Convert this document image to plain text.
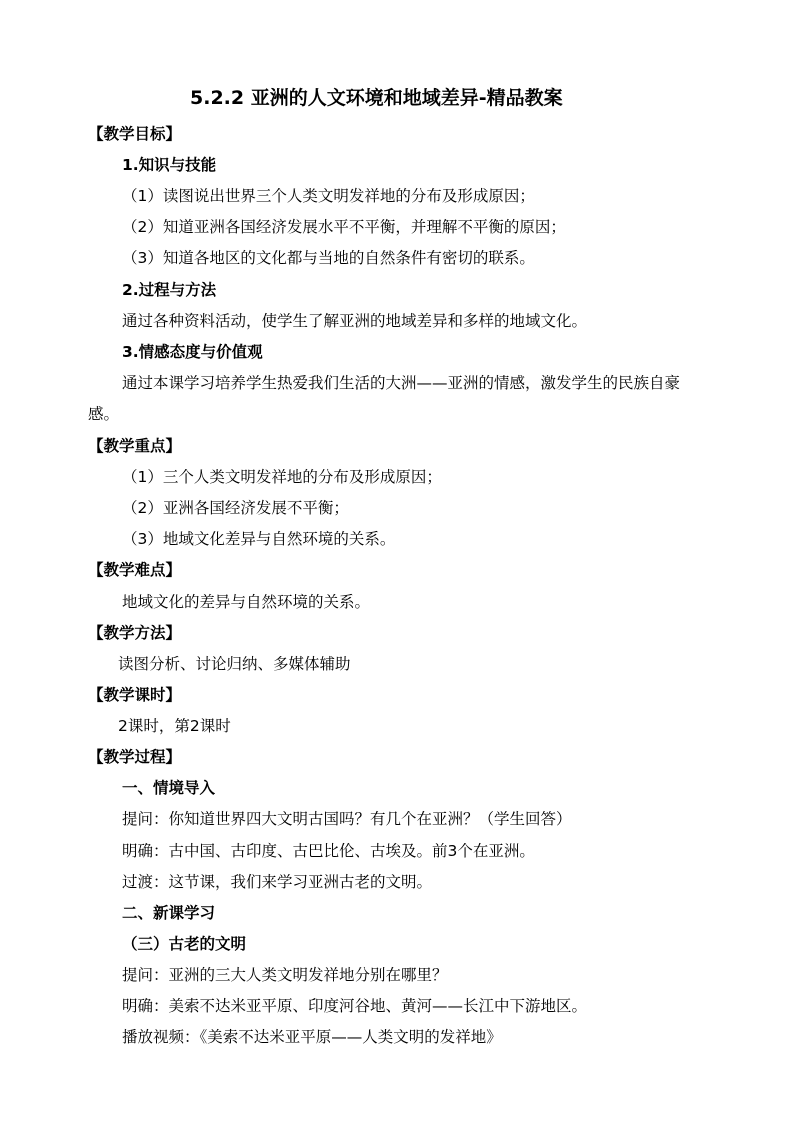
5.2.2 亚洲的人文环境和地域差异-精品教案
【教学目标】
1.知识与技能
（1）读图说出世界三个人类文明发祥地的分布及形成原因；
（2）知道亚洲各国经济发展水平不平衡，并理解不平衡的原因；
（3）知道各地区的文化都与当地的自然条件有密切的联系。
2.过程与方法
通过各种资料活动，使学生了解亚洲的地域差异和多样的地域文化。
3.情感态度与价值观
通过本课学习培养学生热爱我们生活的大洲——亚洲的情感，激发学生的民族自豪
感。
【教学重点】
（1）三个人类文明发祥地的分布及形成原因；
（2）亚洲各国经济发展不平衡；
（3）地域文化差异与自然环境的关系。
【教学难点】
地域文化的差异与自然环境的关系。
【教学方法】
读图分析、讨论归纳、多媒体辅助
【教学课时】
2课时，第2课时
【教学过程】
一、情境导入
提问：你知道世界四大文明古国吗？有几个在亚洲？（学生回答）
明确：古中国、古印度、古巴比伦、古埃及。前3个在亚洲。
过渡：这节课，我们来学习亚洲古老的文明。
二、新课学习
（三）古老的文明
提问：亚洲的三大人类文明发祥地分别在哪里？
明确：美索不达米亚平原、印度河谷地、黄河——长江中下游地区。
播放视频：《美索不达米亚平原——人类文明的发祥地》
